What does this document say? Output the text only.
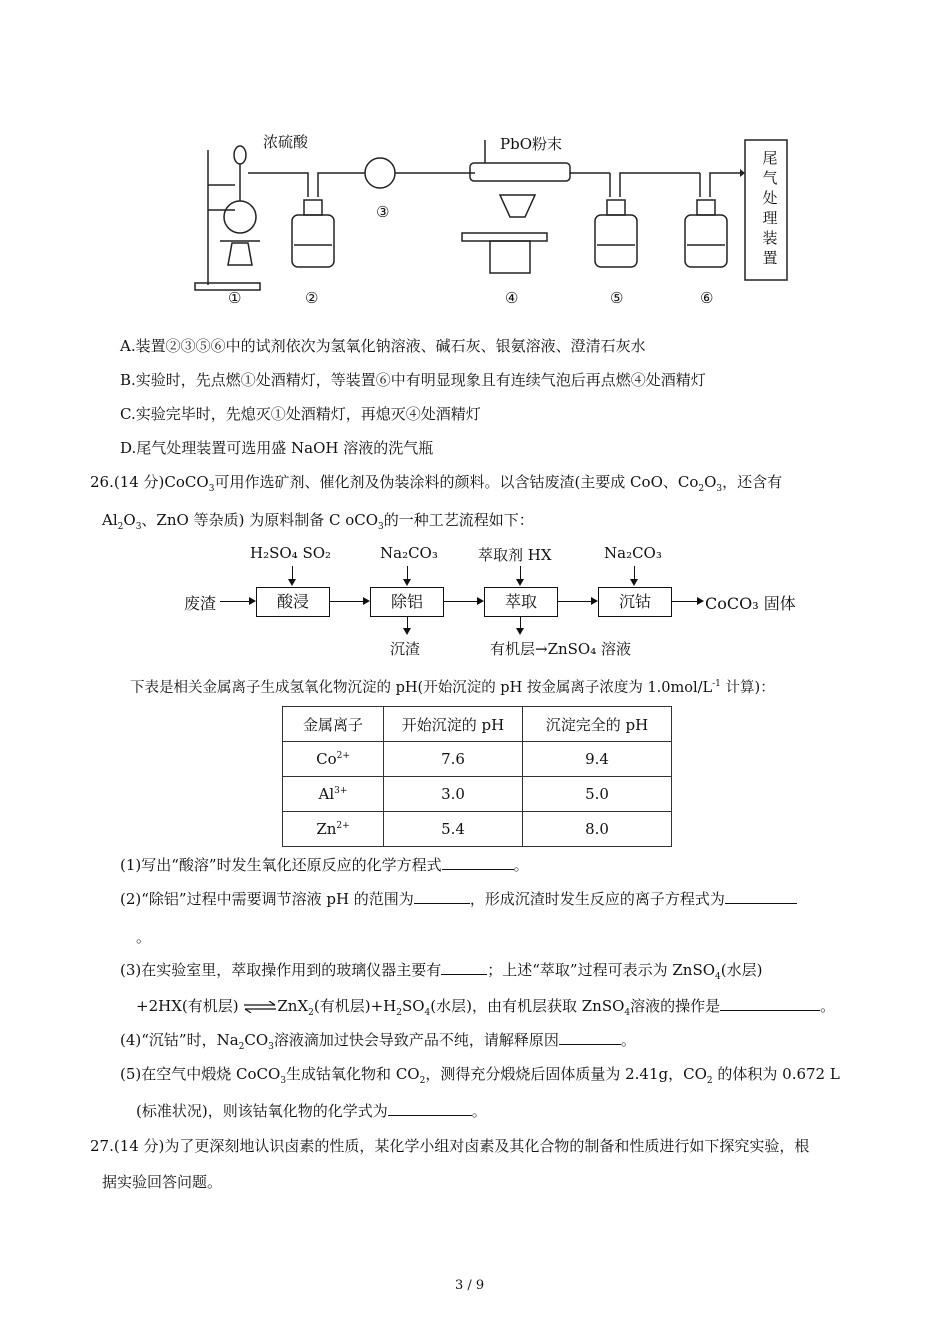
浓硫酸	PbO粉末
尾
气
处
理
装
置
①	②
③
④	⑤	⑥
A.装置②③⑤⑥中的试剂依次为氢氧化钠溶液、碱石灰、银氨溶液、澄清石灰水
B.实验时，先点燃①处酒精灯，等装置⑥中有明显现象且有连续气泡后再点燃④处酒精灯
C.实验完毕时，先熄灭①处酒精灯，再熄灭④处酒精灯
D.尾气处理装置可选用盛 NaOH 溶液的洗气瓶
26.(14 分)CoCO$_3$可用作选矿剂、催化剂及伪装涂料的颜料。以含钴废渣(主要成 CoO、$Co_2O_3$，还含有
$Al_2O_3$、ZnO 等杂质) 为原料制备 C oCO$_3$的一种工艺流程如下：
H₂SO₄ SO₂	Na₂CO₃	萃取剂 HX	Na₂CO₃
废渣	酸浸	除铝	萃取	沉钴	CoCO₃ 固体
沉渣	有机层→ZnSO₄ 溶液
下表是相关金属离子生成氢氧化物沉淀的 pH(开始沉淀的 pH 按金属离子浓度为 $1.0mol/L^{-1}$ 计算)：
金属离子	开始沉淀的 pH	沉淀完全的 pH
$Co^{2+}$	7.6	9.4
$Al^{3+}$	3.0	5.0
$Zn^{2+}$	5.4	8.0
(1)写出“酸溶”时发生氧化还原反应的化学方程式	。
(2)“除铝”过程中需要调节溶液 pH 的范围为	，形成沉渣时发生反应的离子方程式为
。
(3)在实验室里，萃取操作用到的玻璃仪器主要有	；上述“萃取”过程可表示为 ZnSO$_4$(水层)
+2HX(有机层) ⇌ZnX$_2$(有机层)$+H_2SO_4$(水层)，由有机层获取 ZnSO$_4$溶液的操作是	。
(4)“沉钴”时，$Na_2CO_3$溶液滴加过快会导致产品不纯，请解释原因	。
(5)在空气中煅烧 CoCO$_3$生成钴氧化物和 $CO_2$，测得充分煅烧后固体质量为 2.41g，$CO_2$ 的体积为 0.672 L
(标准状况)，则该钴氧化物的化学式为	。
27.(14 分)为了更深刻地认识卤素的性质，某化学小组对卤素及其化合物的制备和性质进行如下探究实验，根
据实验回答问题。
3 / 9
